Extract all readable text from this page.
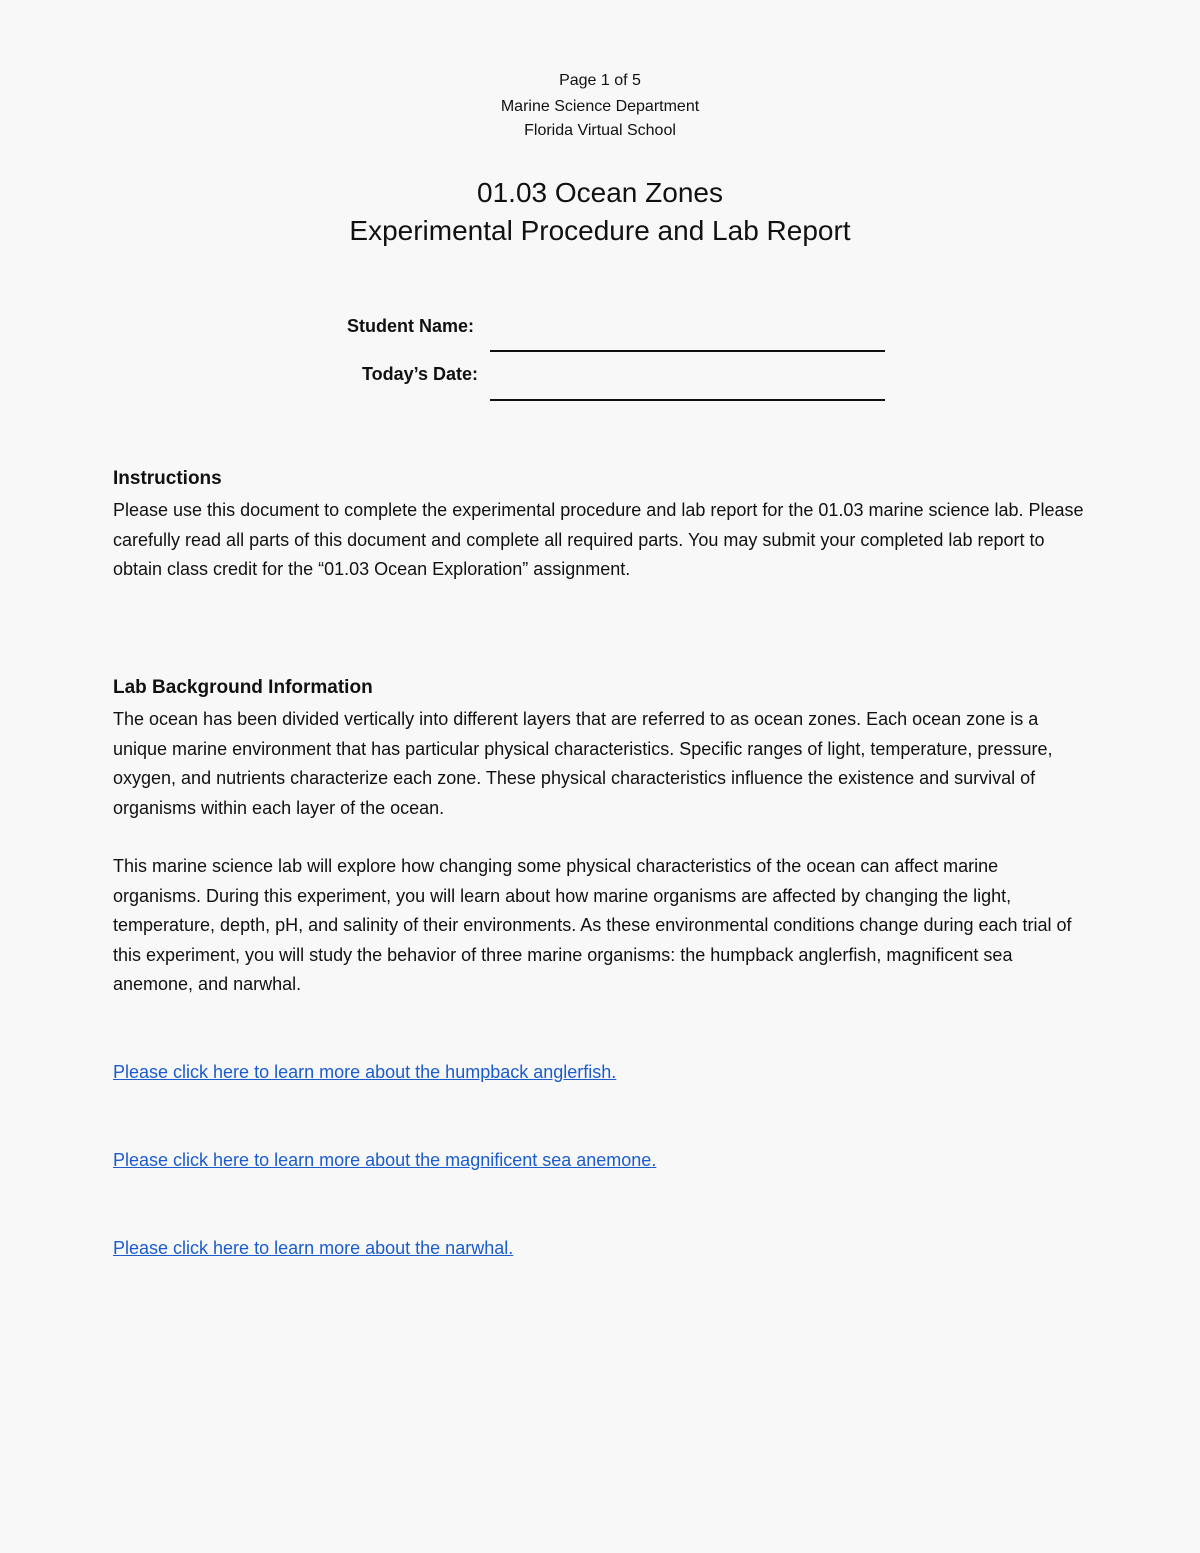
Page 1 of 5
Marine Science Department
Florida Virtual School
01.03 Ocean Zones
Experimental Procedure and Lab Report
Student Name:
Today’s Date:
Instructions

Please use this document to complete the experimental procedure and lab report for the 01.03 marine science lab. Please carefully read all parts of this document and complete all required parts. You may submit your completed lab report to obtain class credit for the “01.03 Ocean Exploration” assignment.

Lab Background Information

The ocean has been divided vertically into different layers that are referred to as ocean zones. Each ocean zone is a unique marine environment that has particular physical characteristics. Specific ranges of light, temperature, pressure, oxygen, and nutrients characterize each zone. These physical characteristics influence the existence and survival of organisms within each layer of the ocean.

This marine science lab will explore how changing some physical characteristics of the ocean can affect marine organisms. During this experiment, you will learn about how marine organisms are affected by changing the light, temperature, depth, pH, and salinity of their environments. As these environmental conditions change during each trial of this experiment, you will study the behavior of three marine organisms: the humpback anglerfish, magnificent sea anemone, and narwhal.

Please click here to learn more about the humpback anglerfish.
Please click here to learn more about the magnificent sea anemone.
Please click here to learn more about the narwhal.
